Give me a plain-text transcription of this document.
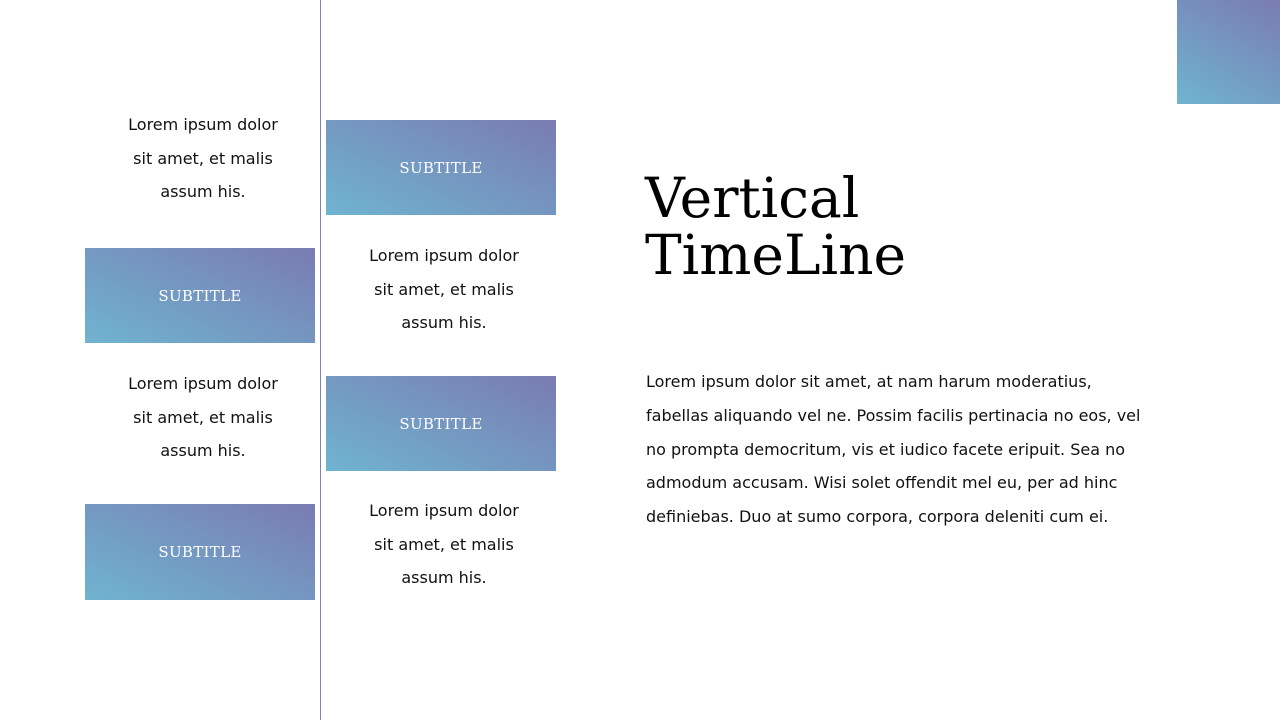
Lorem ipsum dolor
sit amet, et malis
assum his.
SUBTITLE
Lorem ipsum dolor
sit amet, et malis
assum his.
SUBTITLE
SUBTITLE
Lorem ipsum dolor
sit amet, et malis
assum his.
SUBTITLE
Lorem ipsum dolor
sit amet, et malis
assum his.
Vertical
TimeLine
Lorem ipsum dolor sit amet, at nam harum moderatius,
fabellas aliquando vel ne. Possim facilis pertinacia no eos, vel
no prompta democritum, vis et iudico facete eripuit. Sea no
admodum accusam. Wisi solet offendit mel eu, per ad hinc
definiebas. Duo at sumo corpora, corpora deleniti cum ei.
